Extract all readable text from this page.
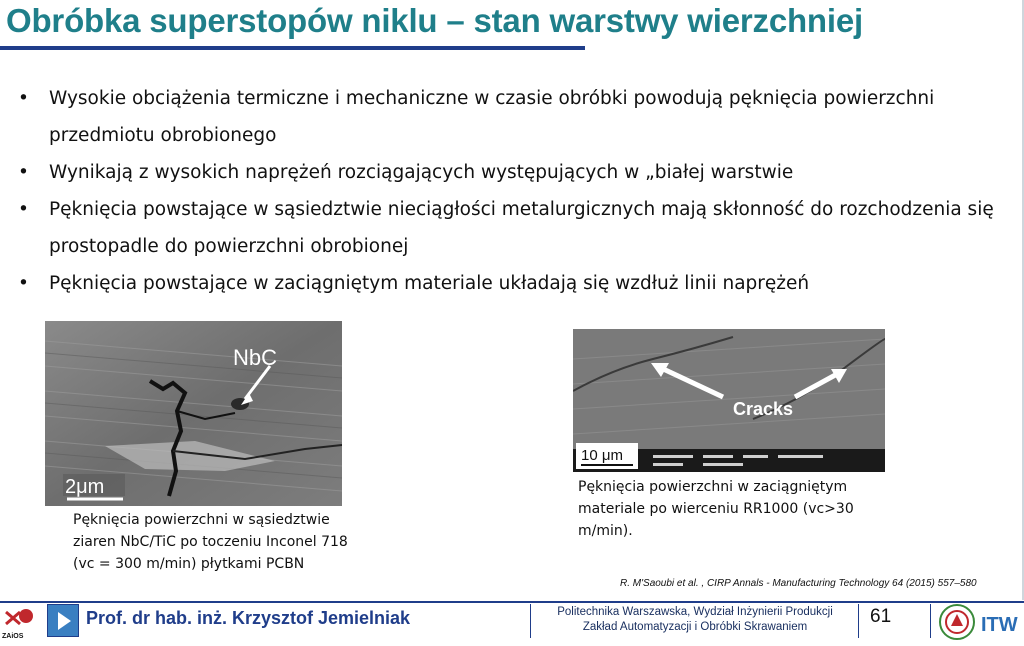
Obróbka superstopów niklu – stan warstwy wierzchniej
• Wysokie obciążenia termiczne i mechaniczne w czasie obróbki powodują pęknięcia powierzchni przedmiotu obrobionego
• Wynikają z wysokich naprężeń rozciągających występujących w „białej warstwie
• Pęknięcia powstające w sąsiedztwie nieciągłości metalurgicznych mają skłonność do rozchodzenia się prostopadle do powierzchni obrobionej
• Pęknięcia powstające w zaciągniętym materiale układają się wzdłuż linii naprężeń
NbC
2μm
Pęknięcia powierzchni w sąsiedztwie ziaren NbC/TiC po toczeniu Inconel 718 (vc = 300 m/min) płytkami PCBN
Cracks
10 μm
Pęknięcia powierzchni w zaciągniętym materiale po wierceniu RR1000 (vc>30 m/min).
R. M'Saoubi et al. , CIRP Annals - Manufacturing Technology 64 (2015) 557–580
ZAiOS
Prof. dr hab. inż. Krzysztof Jemielniak	Politechnika Warszawska, Wydział Inżynierii Produkcji
Zakład Automatyzacji i Obróbki Skrawaniem	61	ITW
